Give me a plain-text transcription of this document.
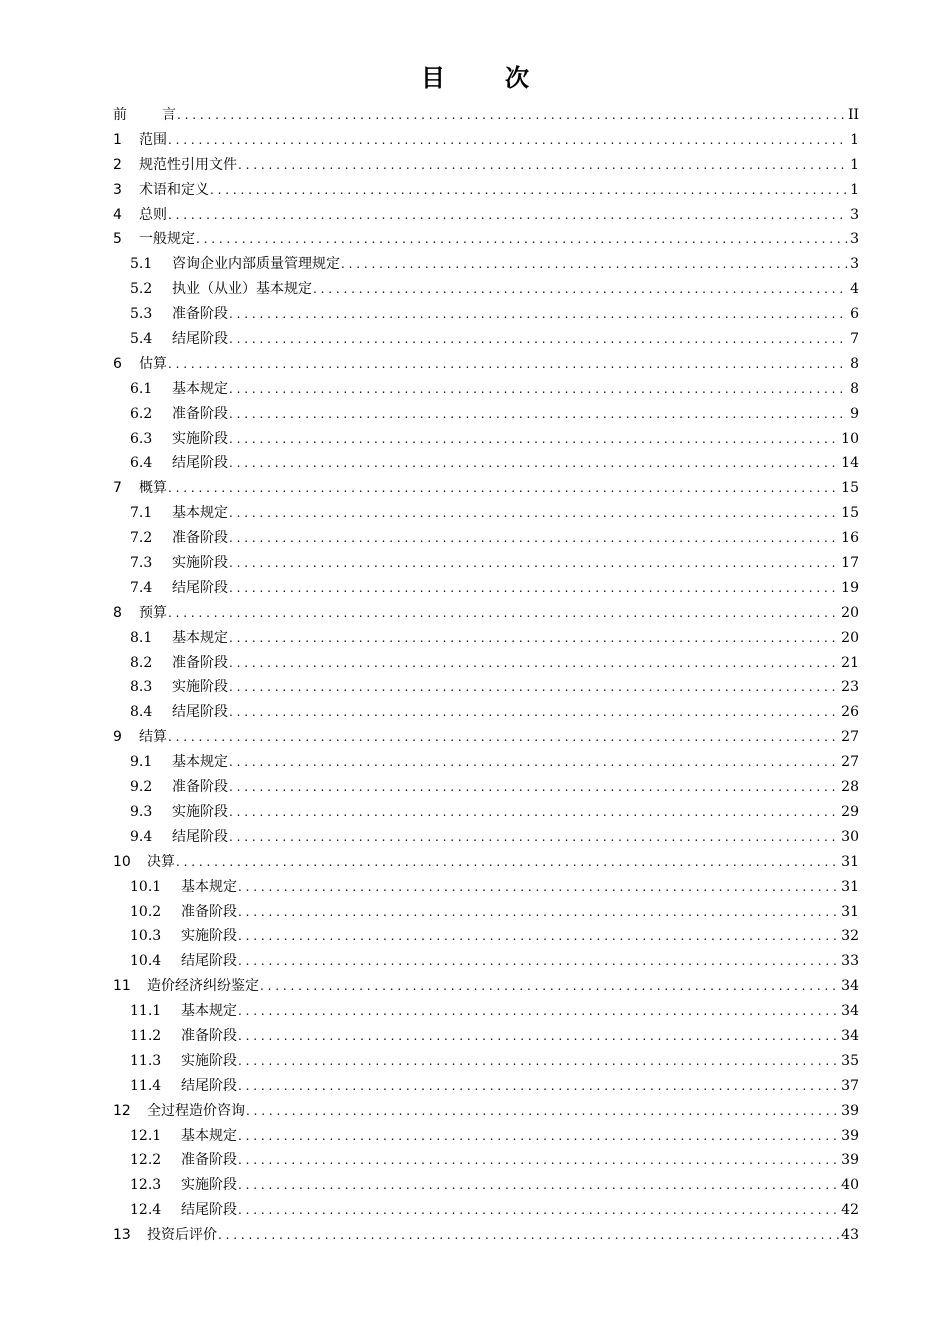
目	次
前	言 . . .	II
1	范围 . . .	1
2	规范性引用文件 . . .	1
3	术语和定义 . . .	1
4	总则 . . .	3
5	一般规定 . . .	3
5.1	咨询企业内部质量管理规定 . . .	3
5.2	执业（从业）基本规定 . . .	4
5.3	准备阶段 . . .	6
5.4	结尾阶段 . . .	7
6	估算 . . .	8
6.1	基本规定 . . .	8
6.2	准备阶段 . . .	9
6.3	实施阶段 . . .	10
6.4	结尾阶段 . . .	14
7	概算 . . .	15
7.1	基本规定 . . .	15
7.2	准备阶段 . . .	16
7.3	实施阶段 . . .	17
7.4	结尾阶段 . . .	19
8	预算 . . .	20
8.1	基本规定 . . .	20
8.2	准备阶段 . . .	21
8.3	实施阶段 . . .	23
8.4	结尾阶段 . . .	26
9	结算 . . .	27
9.1	基本规定 . . .	27
9.2	准备阶段 . . .	28
9.3	实施阶段 . . .	29
9.4	结尾阶段 . . .	30
10	决算 . . .	31
10.1	基本规定 . . .	31
10.2	准备阶段 . . .	31
10.3	实施阶段 . . .	32
10.4	结尾阶段 . . .	33
11	造价经济纠纷鉴定 . . .	34
11.1	基本规定 . . .	34
11.2	准备阶段 . . .	34
11.3	实施阶段 . . .	35
11.4	结尾阶段 . . .	37
12	全过程造价咨询 . . .	39
12.1	基本规定 . . .	39
12.2	准备阶段 . . .	39
12.3	实施阶段 . . .	40
12.4	结尾阶段 . . .	42
13	投资后评价 . . .	43
